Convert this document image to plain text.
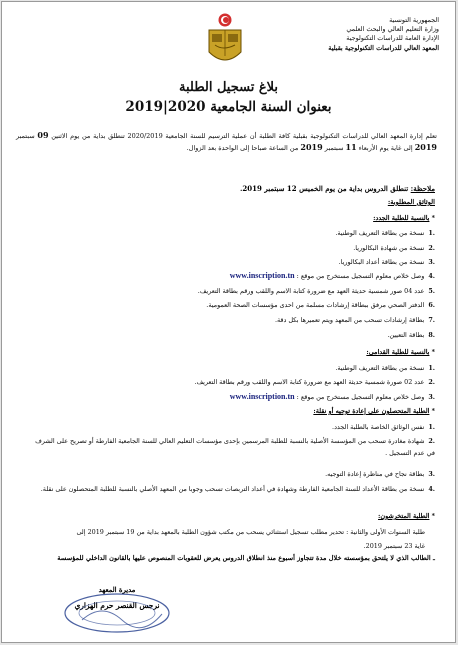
الجمهورية التونسية
وزارة التعليم العالي والبحث العلمي
الإدارة العامة للدراسات التكنولوجية
المعهد العالي للدراسات التكنولوجية بقبلية
بلاغ تسجيل الطلبة
بعنوان السنة الجامعية 2020|2019
تعلم إدارة المعهد العالي للدراسات التكنولوجية بقبلية كافة الطلبة أن عملية الترسيم للسنة الجامعية 2020/2019 تنطلق بداية من يوم الاثنين 09 سبتمبر 2019 إلى غاية يوم الأربعاء 11 سبتمبر 2019 من الساعة صباحا إلى الواحدة بعد الزوال.
ملاحظة: تنطلق الدروس بداية من يوم الخميس 12 سبتمبر 2019.
الوثائق المطلوبة:
* بالنسبة للطلبة الجدد:
.1نسخة من بطاقة التعريف الوطنية.
.2نسخة من شهادة البكالوريا.
.3نسخة من بطاقة أعداد البكالوريا.
.4وصل خلاص معلوم التسجيل مستخرج من موقع : www.inscription.tn
.5عدد 04 صور شمسية حديثة العهد مع ضرورة كتابة الاسم واللقب ورقم بطاقة التعريف.
.6الدفتر الصحي مرفق ببطاقة إرشادات مسلمة من احدى مؤسسات الصحة العمومية.
.7بطاقة إرشادات تسحب من المعهد ويتم تعميرها بكل دقة.
.8بطاقة التعيين.
* بالنسبة للطلبة القدامى:
.1نسخة من بطاقة التعريف الوطنية.
.2عدد 02 صورة شمسية حديثة العهد مع ضرورة كتابة الاسم واللقب ورقم بطاقة التعريف.
.3وصل خلاص معلوم التسجيل مستخرج من موقع : www.inscription.tn
* الطلبة المتحصلون على إعادة توجيه أو نقلة:
.1نفس الوثائق الخاصة بالطلبة الجدد.
.2شهادة مغادرة تسحب من المؤسسة الأصلية بالنسبة للطلبة المرسمين بإحدى مؤسسات التعليم العالي للسنة الجامعية الفارطة أو تصريح على الشرف في عدم التسجيل .
.3بطاقة نجاح في مناظرة إعادة التوجيه.
.4نسخة من بطاقة الأعداد للسنة الجامعية الفارطة وشهادة في أعداد التربصات تسحب وجوبا من المعهد الأصلي بالنسبة للطلبة المتحصلون على نقلة.
* الطلبة المتخرشون:
طلبة السنوات الأولى والثانية : تحدير مطلب تسجيل استثنائي يسحب من مكتب شؤون الطلبة بالمعهد بداية من 19 سبتمبر 2019 إلى
غاية 23 سبتمبر 2019.
ـ الطالب الذي لا يلتحق بمؤسسته خلال مدة تتجاوز أسبوع منذ انطلاق الدروس يعرض للعقوبات المنصوص عليها بالقانون الداخلي للمؤسسة
مديرة المعهد
نرجس القنصر حرم الهزاري
